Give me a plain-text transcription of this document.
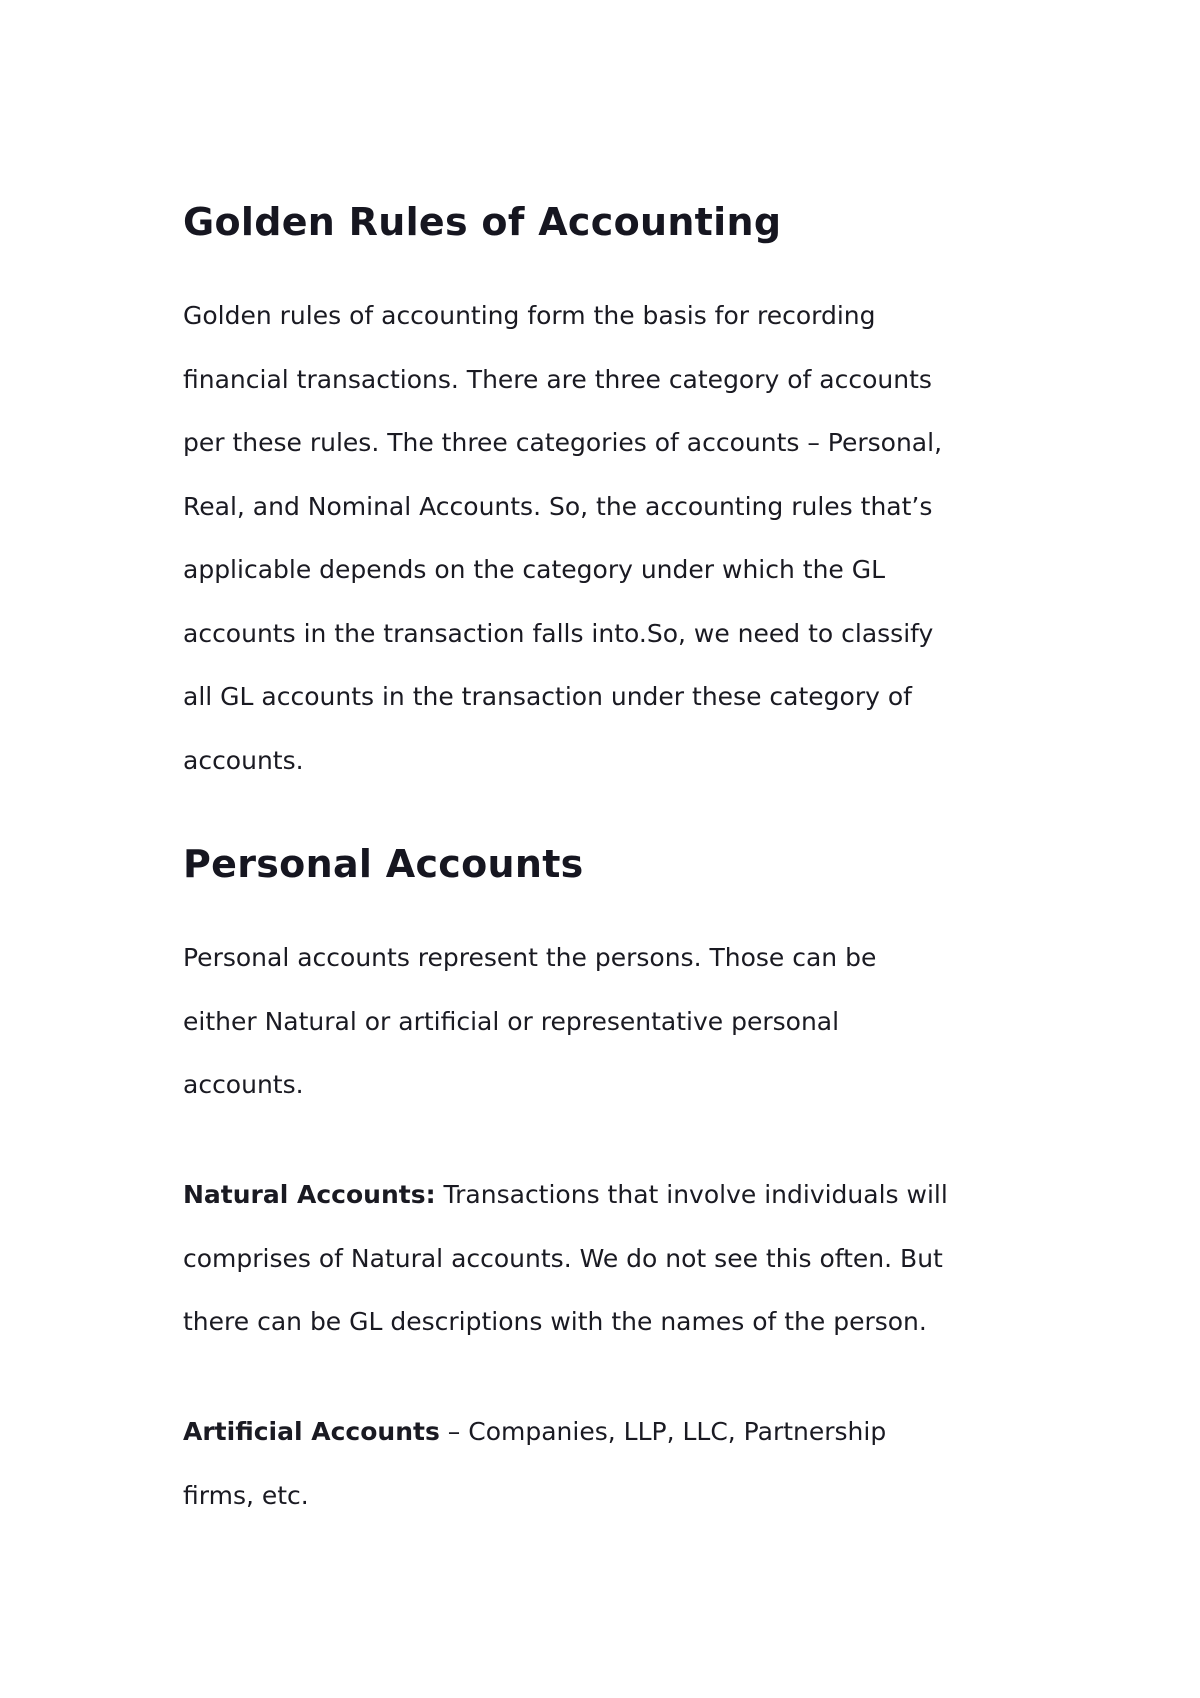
Golden Rules of Accounting

Golden rules of accounting form the basis for recording
financial transactions. There are three category of accounts
per these rules. The three categories of accounts – Personal,
Real, and Nominal Accounts. So, the accounting rules that’s
applicable depends on the category under which the GL
accounts in the transaction falls into.So, we need to classify
all GL accounts in the transaction under these category of
accounts.

Personal Accounts

Personal accounts represent the persons. Those can be
either Natural or artificial or representative personal
accounts.

Natural Accounts: Transactions that involve individuals will
comprises of Natural accounts. We do not see this often. But
there can be GL descriptions with the names of the person.

Artificial Accounts – Companies, LLP, LLC, Partnership
firms, etc.
